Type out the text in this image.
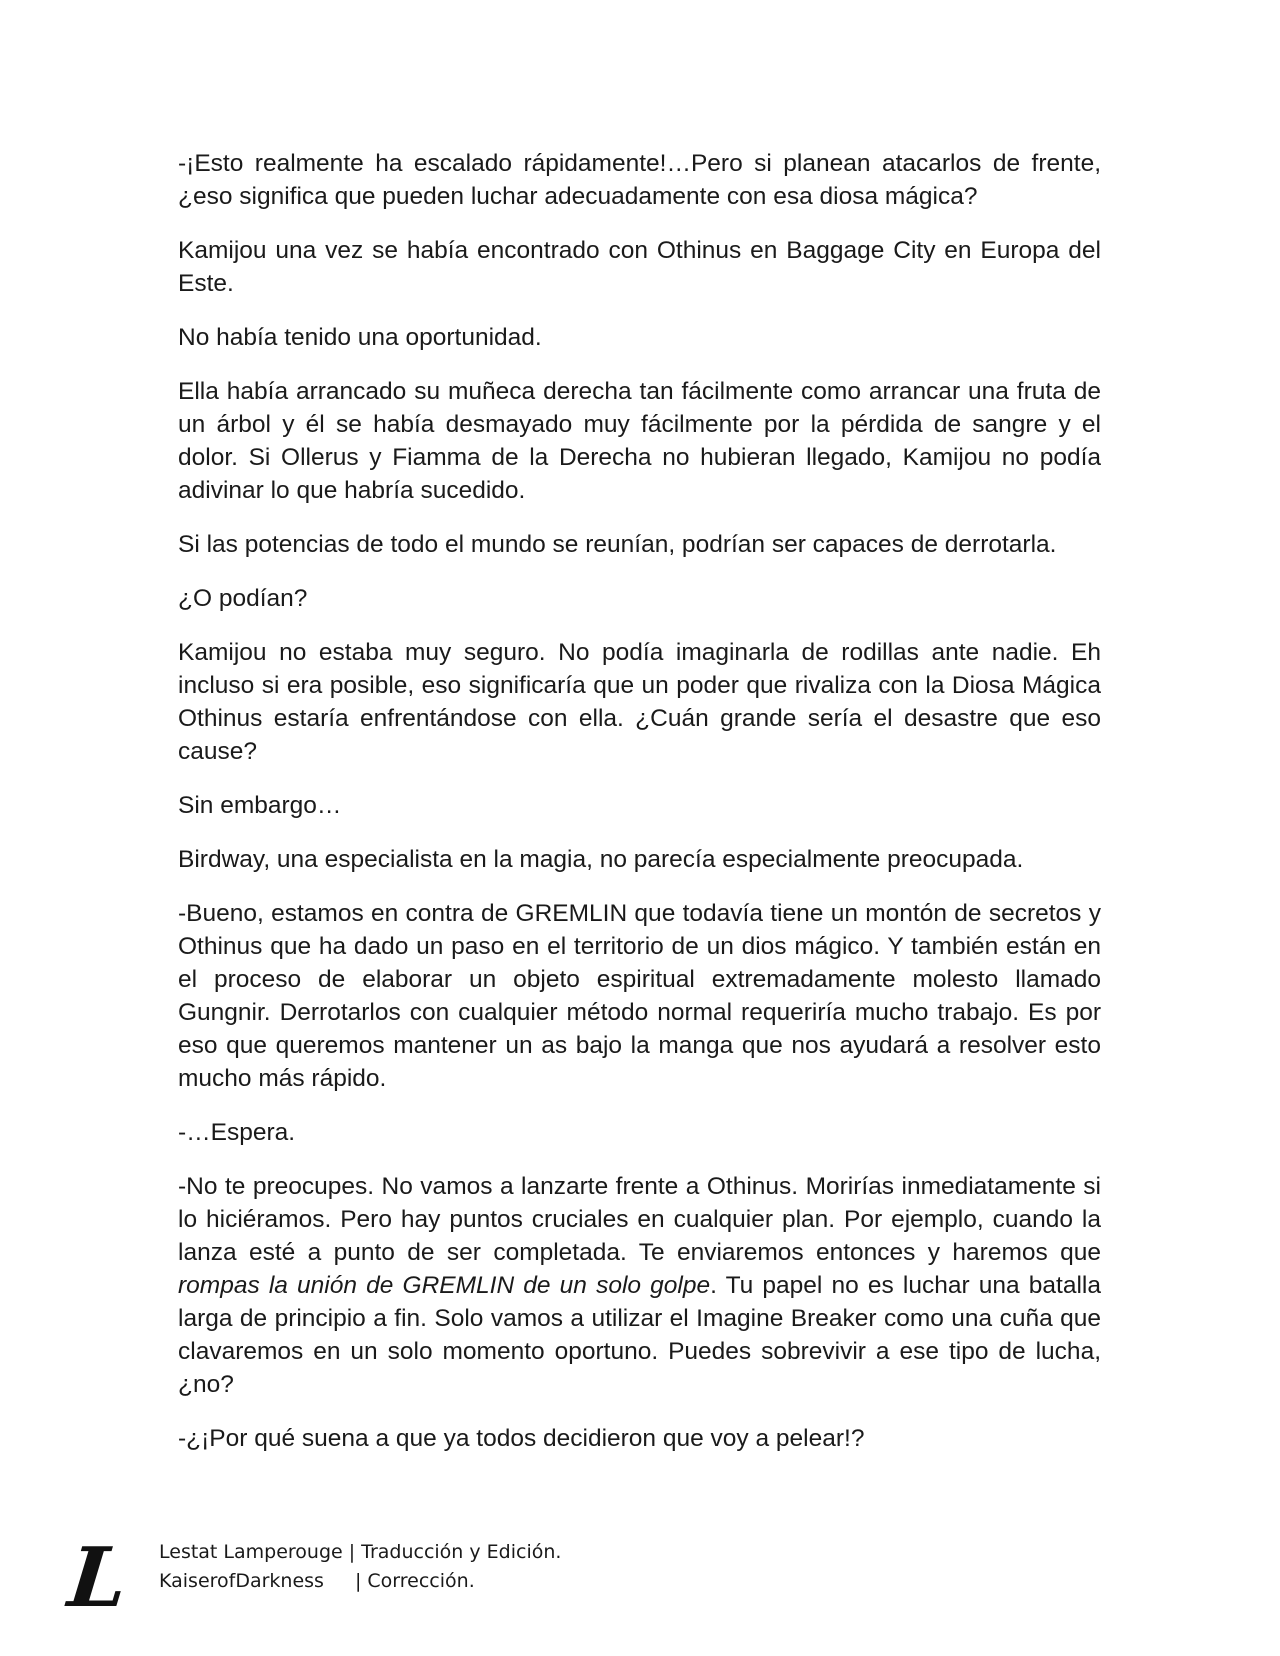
-¡Esto realmente ha escalado rápidamente!…Pero si planean atacarlos de frente, ¿eso significa que pueden luchar adecuadamente con esa diosa mágica?

Kamijou una vez se había encontrado con Othinus en Baggage City en Europa del Este.

No había tenido una oportunidad.

Ella había arrancado su muñeca derecha tan fácilmente como arrancar una fruta de un árbol y él se había desmayado muy fácilmente por la pérdida de sangre y el dolor. Si Ollerus y Fiamma de la Derecha no hubieran llegado, Kamijou no podía adivinar lo que habría sucedido.

Si las potencias de todo el mundo se reunían, podrían ser capaces de derrotarla.

¿O podían?

Kamijou no estaba muy seguro. No podía imaginarla de rodillas ante nadie. Eh incluso si era posible, eso significaría que un poder que rivaliza con la Diosa Mágica Othinus estaría enfrentándose con ella. ¿Cuán grande sería el desastre que eso cause?

Sin embargo…

Birdway, una especialista en la magia, no parecía especialmente preocupada.

-Bueno, estamos en contra de GREMLIN que todavía tiene un montón de secretos y Othinus que ha dado un paso en el territorio de un dios mágico. Y también están en el proceso de elaborar un objeto espiritual extremadamente molesto llamado Gungnir. Derrotarlos con cualquier método normal requeriría mucho trabajo. Es por eso que queremos mantener un as bajo la manga que nos ayudará a resolver esto mucho más rápido.

-…Espera.

-No te preocupes. No vamos a lanzarte frente a Othinus. Morirías inmediatamente si lo hiciéramos. Pero hay puntos cruciales en cualquier plan. Por ejemplo, cuando la lanza esté a punto de ser completada. Te enviaremos entonces y haremos que rompas la unión de GREMLIN de un solo golpe. Tu papel no es luchar una batalla larga de principio a fin. Solo vamos a utilizar el Imagine Breaker como una cuña que clavaremos en un solo momento oportuno. Puedes sobrevivir a ese tipo de lucha, ¿no?

-¿¡Por qué suena a que ya todos decidieron que voy a pelear!?

L Lestat Lamperouge | Traducción y Edición.
KaiserofDarkness | Corrección.
